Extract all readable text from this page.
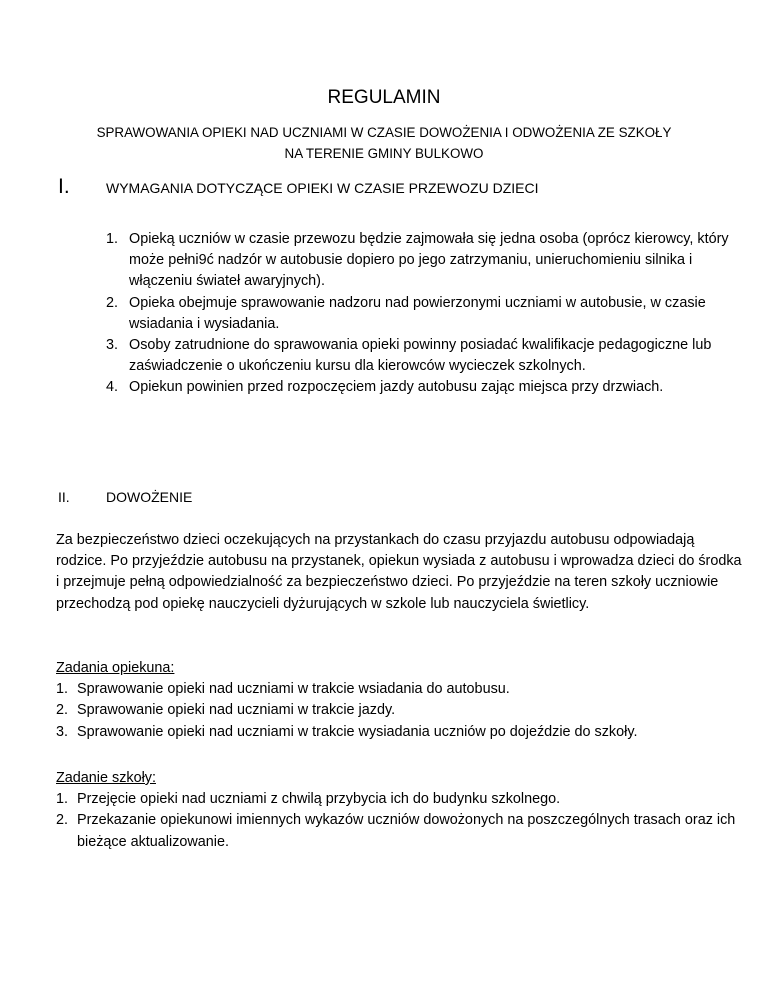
REGULAMIN
SPRAWOWANIA OPIEKI NAD UCZNIAMI W CZASIE DOWOŻENIA I ODWOŻENIA ZE SZKOŁY
NA TERENIE GMINY BULKOWO
I.	WYMAGANIA DOTYCZĄCE OPIEKI W CZASIE PRZEWOZU DZIECI
1. Opieką uczniów w czasie przewozu będzie zajmowała się jedna osoba (oprócz kierowcy, który może pełni9ć nadzór w autobusie dopiero po jego zatrzymaniu, unieruchomieniu silnika i włączeniu świateł awaryjnych).
2. Opieka obejmuje sprawowanie nadzoru nad powierzonymi uczniami w autobusie, w czasie wsiadania i wysiadania.
3. Osoby zatrudnione do sprawowania opieki powinny posiadać kwalifikacje pedagogiczne lub zaświadczenie o ukończeniu kursu dla kierowców wycieczek szkolnych.
4. Opiekun powinien przed rozpoczęciem jazdy autobusu zając miejsca przy drzwiach.
II.	DOWOŻENIE
Za bezpieczeństwo dzieci oczekujących na przystankach do czasu przyjazdu autobusu odpowiadają rodzice. Po przyjeździe autobusu na przystanek, opiekun wysiada z autobusu i wprowadza dzieci do środka i przejmuje pełną odpowiedzialność za bezpieczeństwo dzieci. Po przyjeździe na teren szkoły uczniowie przechodzą pod opiekę nauczycieli dyżurujących w szkole lub nauczyciela świetlicy.
Zadania opiekuna:
1. Sprawowanie opieki nad uczniami w trakcie wsiadania do autobusu.
2. Sprawowanie opieki nad uczniami w trakcie jazdy.
3. Sprawowanie opieki nad uczniami w trakcie wysiadania uczniów po dojeździe do szkoły.
Zadanie szkoły:
1. Przejęcie opieki nad uczniami z chwilą przybycia ich do budynku szkolnego.
2. Przekazanie opiekunowi imiennych wykazów uczniów dowożonych na poszczególnych trasach oraz ich bieżące aktualizowanie.
